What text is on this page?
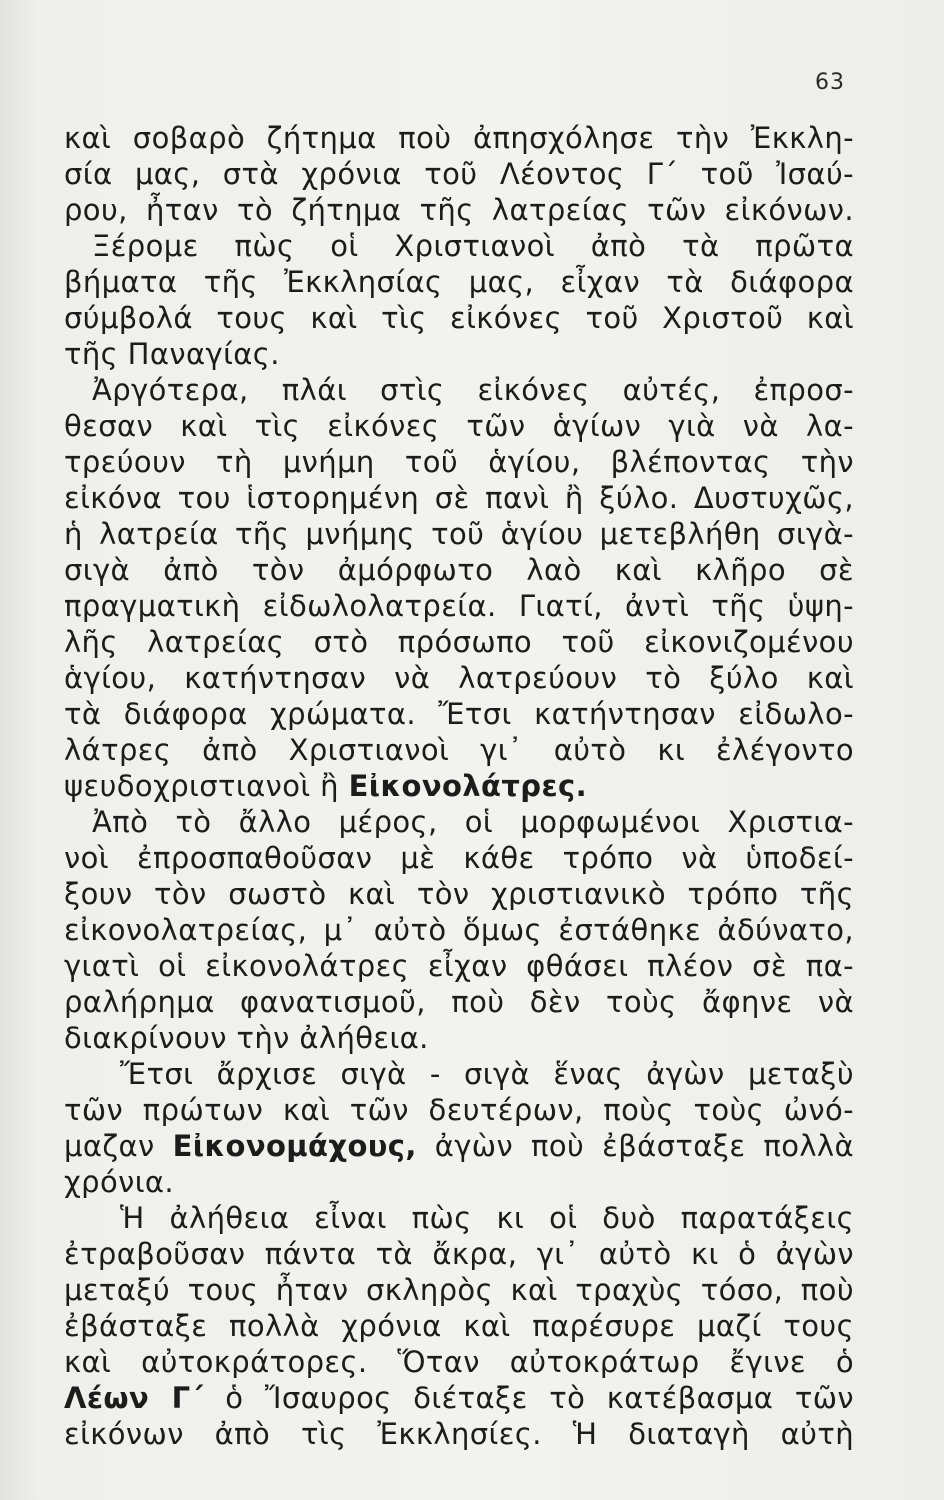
63
καὶ σοβαρὸ ζήτημα ποὺ ἀπησχόλησε τὴν Ἐκκλη-
σία μας, στὰ χρόνια τοῦ Λέοντος Γ΄ τοῦ Ἰσαύ-
ρου, ἦταν τὸ ζήτημα τῆς λατρείας τῶν εἰκόνων.
Ξέρομε πὼς οἱ Χριστιανοὶ ἀπὸ τὰ πρῶτα
βήματα τῆς Ἐκκλησίας μας, εἶχαν τὰ διάφορα
σύμβολά τους καὶ τὶς εἰκόνες τοῦ Χριστοῦ καὶ
τῆς Παναγίας.
Ἀργότερα, πλάι στὶς εἰκόνες αὐτές, ἐπροσ-
θεσαν καὶ τὶς εἰκόνες τῶν ἁγίων γιὰ νὰ λα-
τρεύουν τὴ μνήμη τοῦ ἁγίου, βλέποντας τὴν
εἰκόνα του ἱστορημένη σὲ πανὶ ἢ ξύλο. Δυστυχῶς,
ἡ λατρεία τῆς μνήμης τοῦ ἁγίου μετεβλήθη σιγὰ-
σιγὰ ἀπὸ τὸν ἀμόρφωτο λαὸ καὶ κλῆρο σὲ
πραγματικὴ εἰδωλολατρεία. Γιατί, ἀντὶ τῆς ὑψη-
λῆς λατρείας στὸ πρόσωπο τοῦ εἰκονιζομένου
ἁγίου, κατήντησαν νὰ λατρεύουν τὸ ξύλο καὶ
τὰ διάφορα χρώματα. Ἔτσι κατήντησαν εἰδωλο-
λάτρες ἀπὸ Χριστιανοὶ γι᾿ αὐτὸ κι ἐλέγοντο
ψευδοχριστιανοὶ ἢ Εἰκονολάτρες.
Ἀπὸ τὸ ἄλλο μέρος, οἱ μορφωμένοι Χριστια-
νοὶ ἐπροσπαθοῦσαν μὲ κάθε τρόπο νὰ ὑποδεί-
ξουν τὸν σωστὸ καὶ τὸν χριστιανικὸ τρόπο τῆς
εἰκονολατρείας, μ᾿ αὐτὸ ὅμως ἐστάθηκε ἀδύνατο,
γιατὶ οἱ εἰκονολάτρες εἶχαν φθάσει πλέον σὲ πα-
ραλήρημα φανατισμοῦ, ποὺ δὲν τοὺς ἄφηνε νὰ
διακρίνουν τὴν ἀλήθεια.
Ἔτσι ἄρχισε σιγὰ - σιγὰ ἕνας ἀγὼν μεταξὺ
τῶν πρώτων καὶ τῶν δευτέρων, ποὺς τοὺς ὠνό-
μαζαν Εἰκονομάχους, ἀγὼν ποὺ ἐβάσταξε πολλὰ
χρόνια.
Ἡ ἀλήθεια εἶναι πὼς κι οἱ δυὸ παρατάξεις
ἐτραβοῦσαν πάντα τὰ ἄκρα, γι᾿ αὐτὸ κι ὁ ἀγὼν
μεταξύ τους ἦταν σκληρὸς καὶ τραχὺς τόσο, ποὺ
ἐβάσταξε πολλὰ χρόνια καὶ παρέσυρε μαζί τους
καὶ αὐτοκράτορες. Ὅταν αὐτοκράτωρ ἔγινε ὁ
Λέων Γ΄ ὁ Ἴσαυρος διέταξε τὸ κατέβασμα τῶν
εἰκόνων ἀπὸ τὶς Ἐκκλησίες. Ἡ διαταγὴ αὐτὴ
